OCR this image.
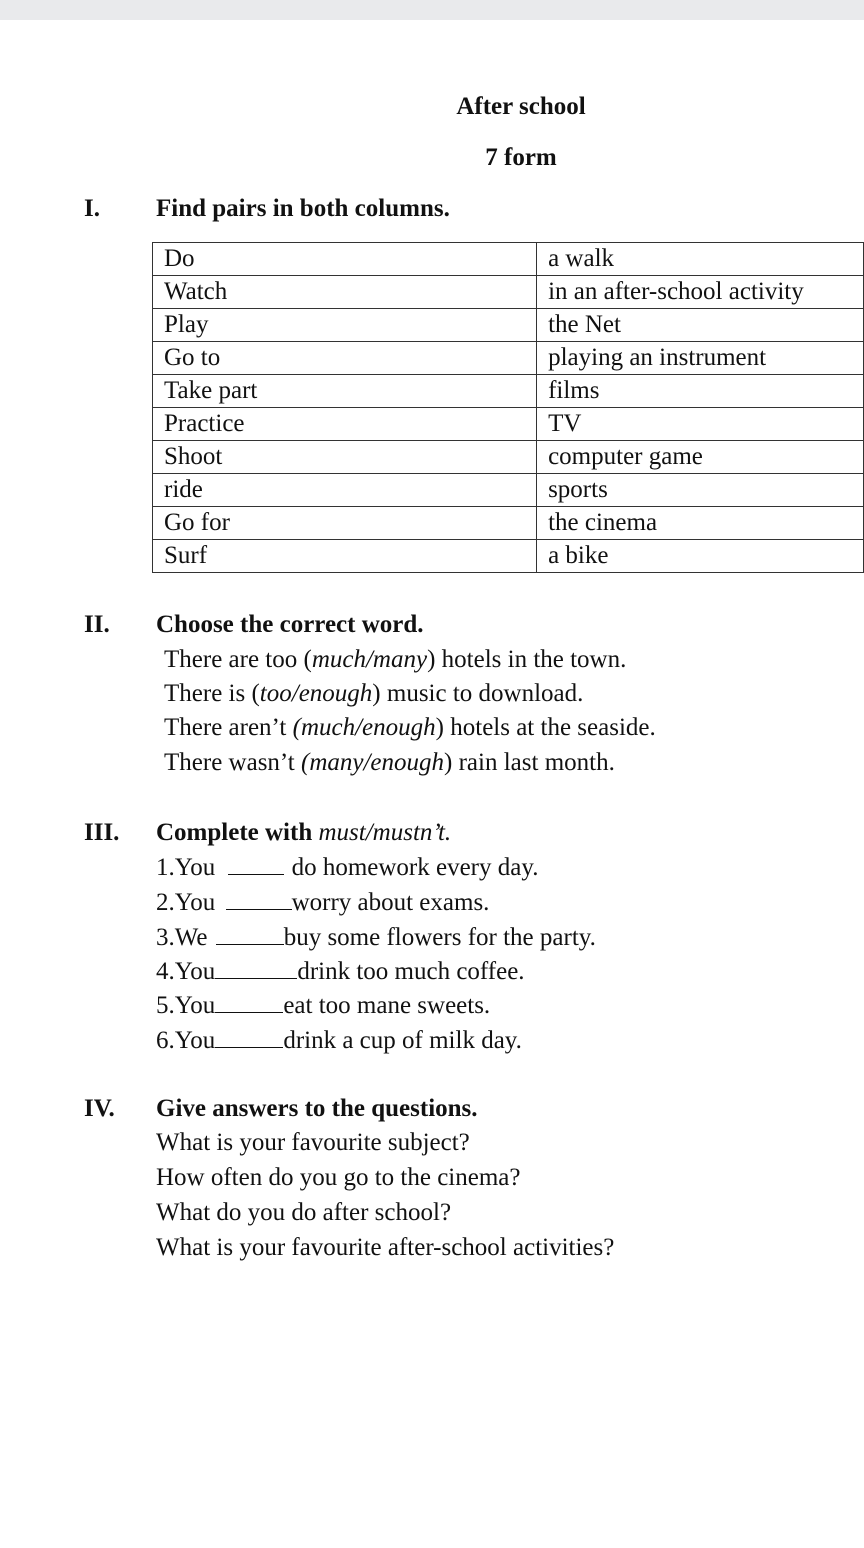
After school
7 form
I. Find pairs in both columns.
Do	a walk
Watch	in an after-school activity
Play	the Net
Go to	playing an instrument
Take part	films
Practice	TV
Shoot	computer game
ride	sports
Go for	the cinema
Surf	a bike
II. Choose the correct word.
There are too (much/many) hotels in the town.
There is (too/enough) music to download.
There aren’t (much/enough) hotels at the seaside.
There wasn’t (many/enough) rain last month.
III. Complete with must/mustn’t.
1.You	do homework every day.
2.You	worry about exams.
3.We	buy some flowers for the party.
4.You	drink too much coffee.
5.You	eat too mane sweets.
6.You	drink a cup of milk day.
IV. Give answers to the questions.
What is your favourite subject?
How often do you go to the cinema?
What do you do after school?
What is your favourite after-school activities?
